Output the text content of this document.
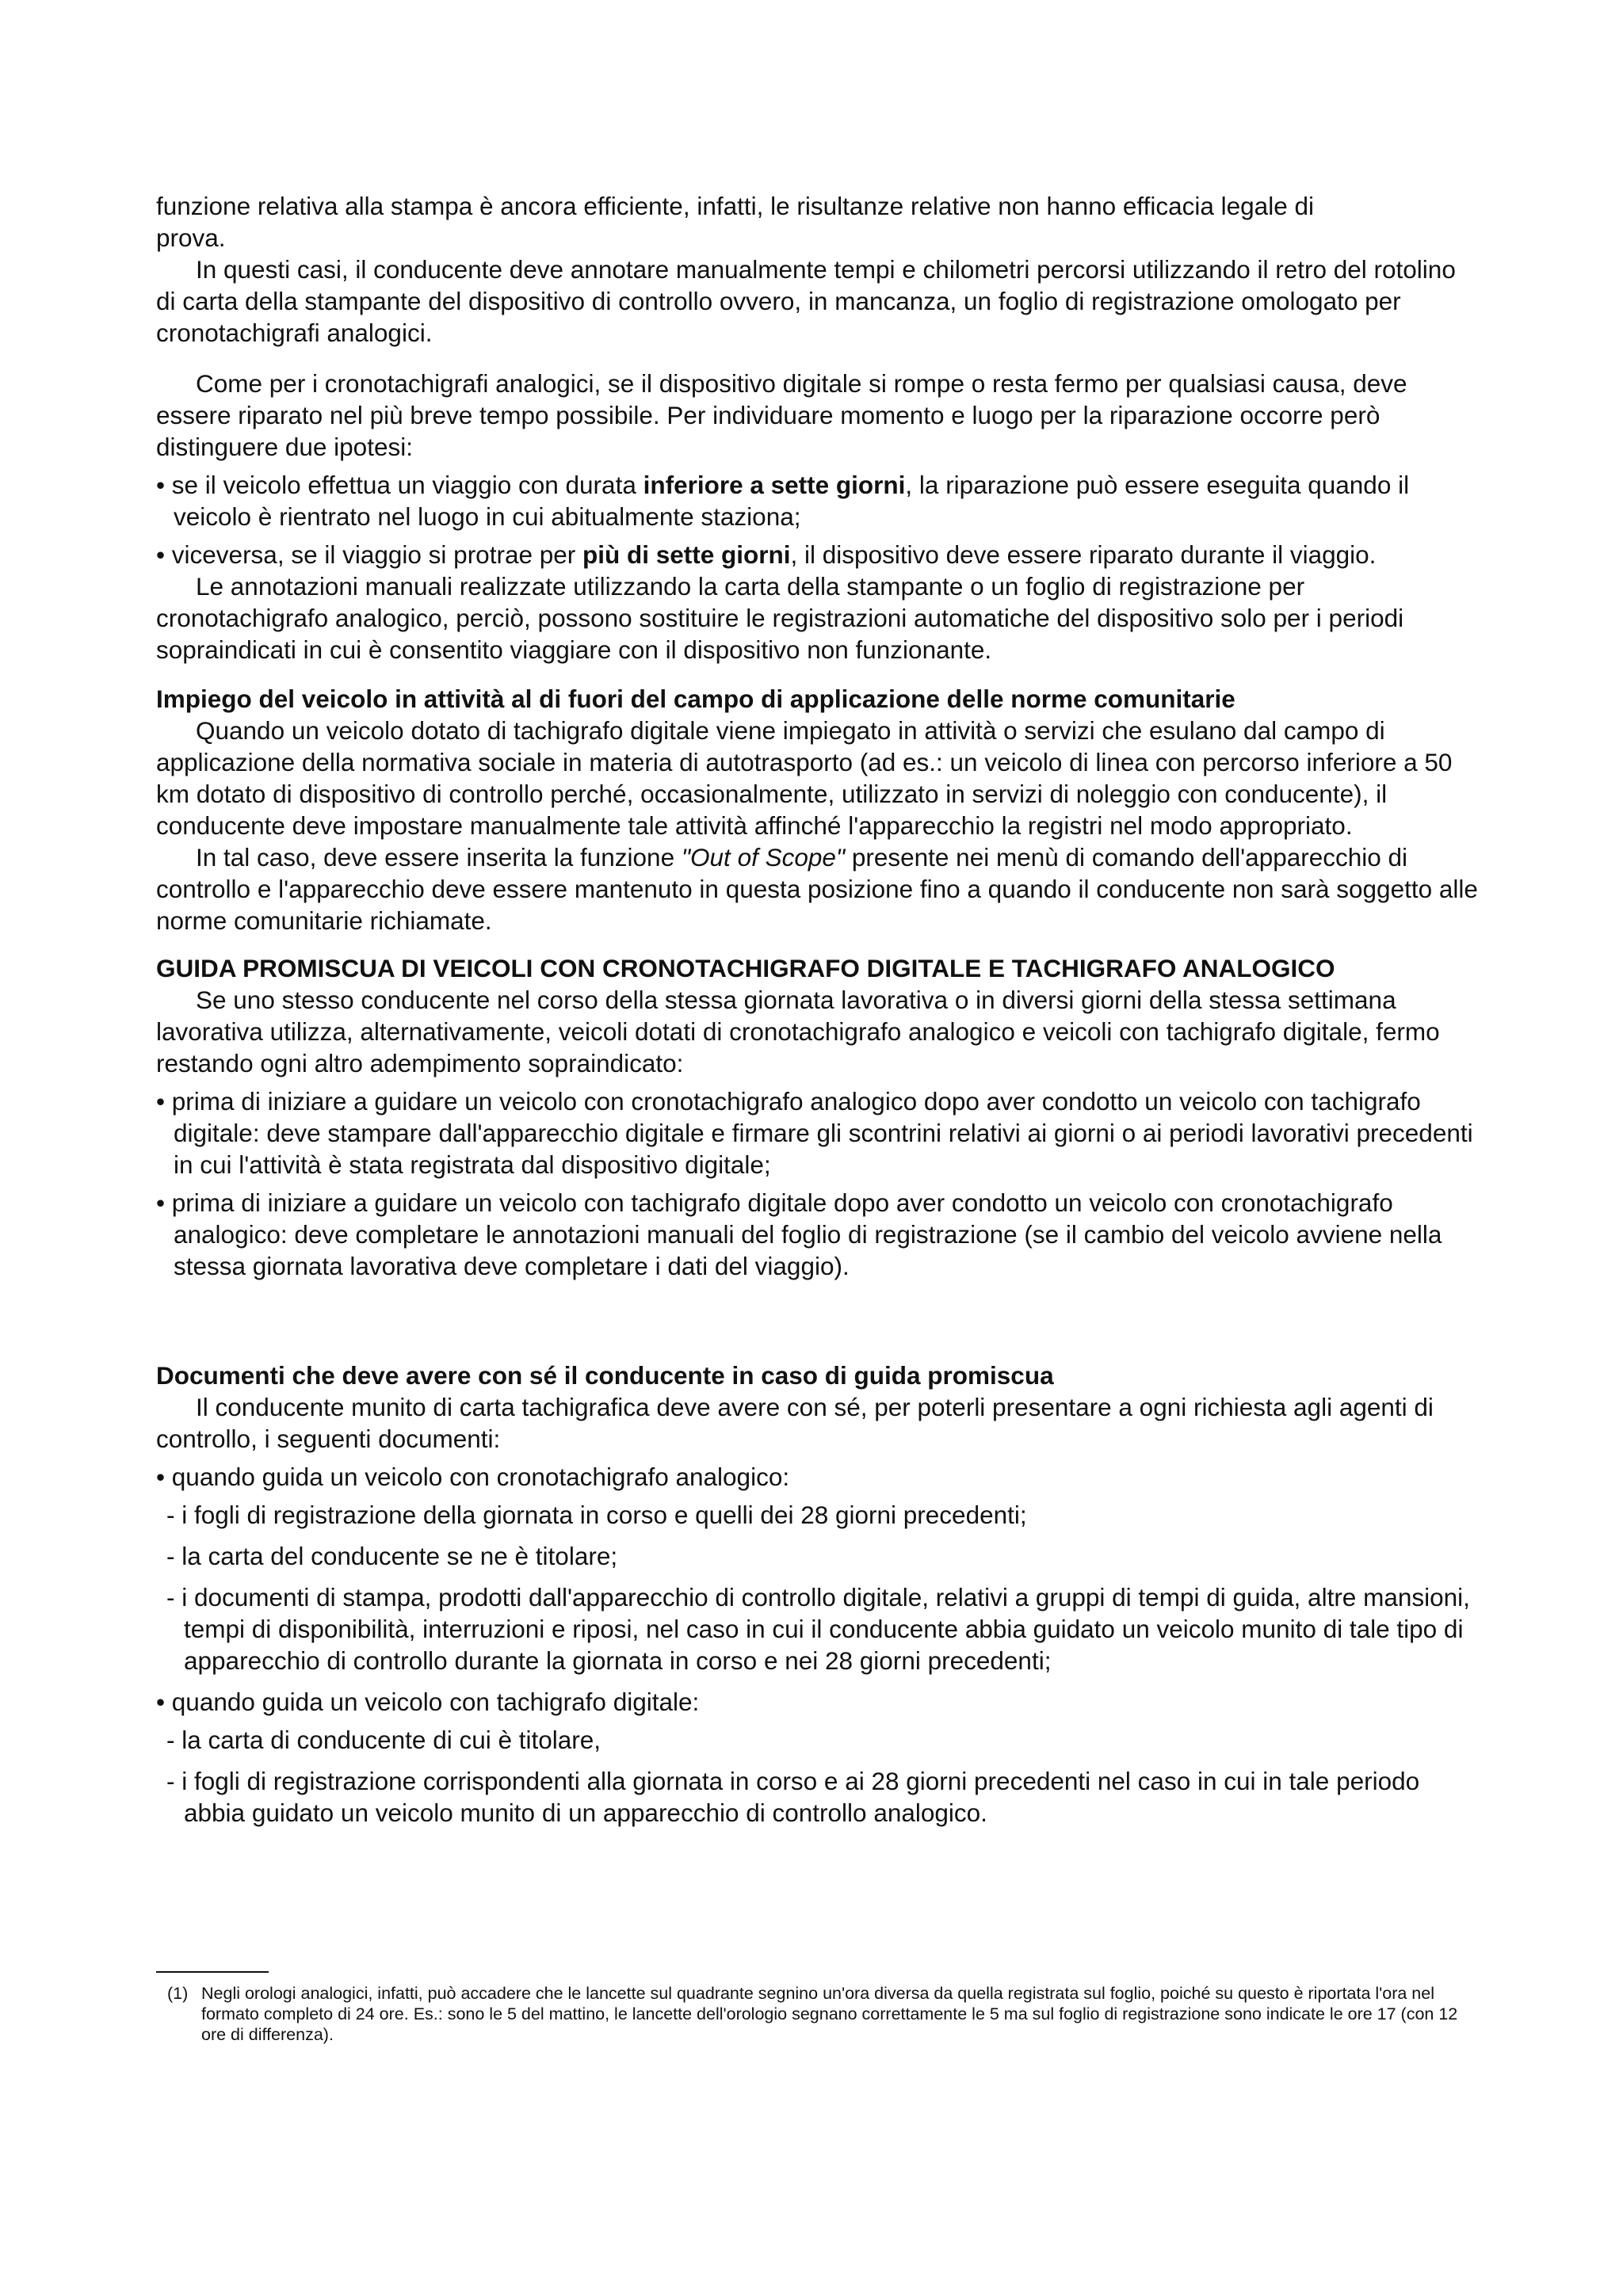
funzione relativa alla stampa è ancora efficiente, infatti, le risultanze relative non hanno efficacia legale di
prova.

In questi casi, il conducente deve annotare manualmente tempi e chilometri percorsi utilizzando il retro del rotolino di carta della stampante del dispositivo di controllo ovvero, in mancanza, un foglio di registrazione omologato per cronotachigrafi analogici.

Come per i cronotachigrafi analogici, se il dispositivo digitale si rompe o resta fermo per qualsiasi causa, deve essere riparato nel più breve tempo possibile. Per individuare momento e luogo per la riparazione occorre però distinguere due ipotesi:

• se il veicolo effettua un viaggio con durata inferiore a sette giorni, la riparazione può essere eseguita quando il veicolo è rientrato nel luogo in cui abitualmente staziona;

• viceversa, se il viaggio si protrae per più di sette giorni, il dispositivo deve essere riparato durante il viaggio.

Le annotazioni manuali realizzate utilizzando la carta della stampante o un foglio di registrazione per cronotachigrafo analogico, perciò, possono sostituire le registrazioni automatiche del dispositivo solo per i periodi sopraindicati in cui è consentito viaggiare con il dispositivo non funzionante.

Impiego del veicolo in attività al di fuori del campo di applicazione delle norme comunitarie

Quando un veicolo dotato di tachigrafo digitale viene impiegato in attività o servizi che esulano dal campo di applicazione della normativa sociale in materia di autotrasporto (ad es.: un veicolo di linea con percorso inferiore a 50 km dotato di dispositivo di controllo perché, occasionalmente, utilizzato in servizi di noleggio con conducente), il conducente deve impostare manualmente tale attività affinché l'apparecchio la registri nel modo appropriato.

In tal caso, deve essere inserita la funzione "Out of Scope" presente nei menù di comando dell'apparecchio di controllo e l'apparecchio deve essere mantenuto in questa posizione fino a quando il conducente non sarà soggetto alle norme comunitarie richiamate.

GUIDA PROMISCUA DI VEICOLI CON CRONOTACHIGRAFO DIGITALE E TACHIGRAFO ANALOGICO

Se uno stesso conducente nel corso della stessa giornata lavorativa o in diversi giorni della stessa settimana lavorativa utilizza, alternativamente, veicoli dotati di cronotachigrafo analogico e veicoli con tachigrafo digitale, fermo restando ogni altro adempimento sopraindicato:

• prima di iniziare a guidare un veicolo con cronotachigrafo analogico dopo aver condotto un veicolo con tachigrafo digitale: deve stampare dall'apparecchio digitale e firmare gli scontrini relativi ai giorni o ai periodi lavorativi precedenti in cui l'attività è stata registrata dal dispositivo digitale;

• prima di iniziare a guidare un veicolo con tachigrafo digitale dopo aver condotto un veicolo con cronotachigrafo analogico: deve completare le annotazioni manuali del foglio di registrazione (se il cambio del veicolo avviene nella stessa giornata lavorativa deve completare i dati del viaggio).

Documenti che deve avere con sé il conducente in caso di guida promiscua

Il conducente munito di carta tachigrafica deve avere con sé, per poterli presentare a ogni richiesta agli agenti di controllo, i seguenti documenti:

• quando guida un veicolo con cronotachigrafo analogico:

- i fogli di registrazione della giornata in corso e quelli dei 28 giorni precedenti;

- la carta del conducente se ne è titolare;

- i documenti di stampa, prodotti dall'apparecchio di controllo digitale, relativi a gruppi di tempi di guida, altre mansioni, tempi di disponibilità, interruzioni e riposi, nel caso in cui il conducente abbia guidato un veicolo munito di tale tipo di apparecchio di controllo durante la giornata in corso e nei 28 giorni precedenti;

• quando guida un veicolo con tachigrafo digitale:

- la carta di conducente di cui è titolare,

- i fogli di registrazione corrispondenti alla giornata in corso e ai 28 giorni precedenti nel caso in cui in tale periodo abbia guidato un veicolo munito di un apparecchio di controllo analogico.

(1) Negli orologi analogici, infatti, può accadere che le lancette sul quadrante segnino un'ora diversa da quella registrata sul foglio, poiché su questo è riportata l'ora nel formato completo di 24 ore. Es.: sono le 5 del mattino, le lancette dell'orologio segnano correttamente le 5 ma sul foglio di registrazione sono indicate le ore 17 (con 12 ore di differenza).
